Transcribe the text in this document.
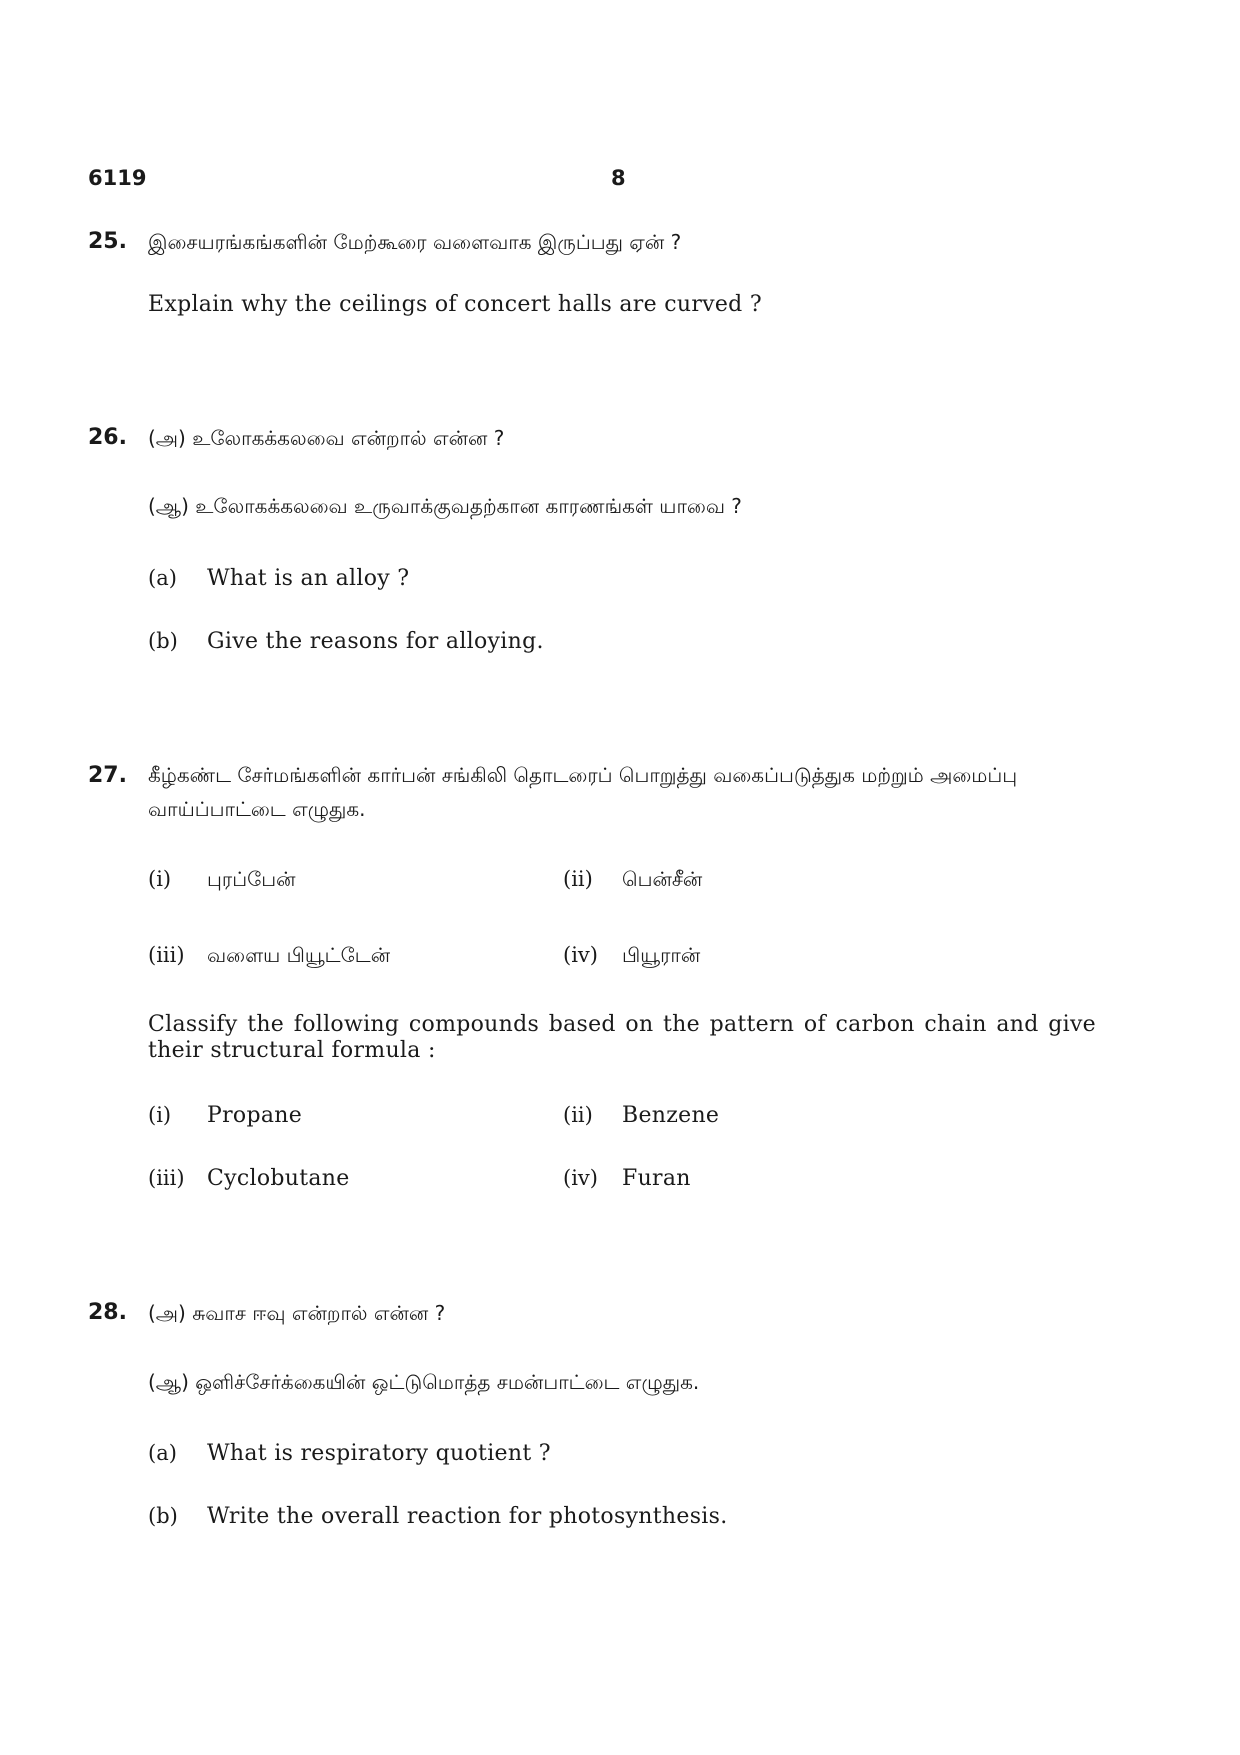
6119	8
25. இசையரங்கங்களின் மேற்கூரை வளைவாக இருப்பது ஏன் ?
Explain why the ceilings of concert halls are curved ?
26. (அ) உலோகக்கலவை என்றால் என்ன ?
(ஆ) உலோகக்கலவை உருவாக்குவதற்கான காரணங்கள் யாவை ?
(a) What is an alloy ?
(b) Give the reasons for alloying.
27. கீழ்கண்ட சேர்மங்களின் கார்பன் சங்கிலி தொடரைப் பொறுத்து வகைப்படுத்துக மற்றும் அமைப்பு வாய்ப்பாட்டை எழுதுக.
(i) புரப்பேன்	(ii) பென்சீன்
(iii) வளைய பியூட்டேன்	(iv) பியூரான்
Classify the following compounds based on the pattern of carbon chain and give their structural formula :
(i) Propane	(ii) Benzene
(iii) Cyclobutane	(iv) Furan
28. (அ) சுவாச ஈவு என்றால் என்ன ?
(ஆ) ஒளிச்சேர்க்கையின் ஒட்டுமொத்த சமன்பாட்டை எழுதுக.
(a) What is respiratory quotient ?
(b) Write the overall reaction for photosynthesis.
